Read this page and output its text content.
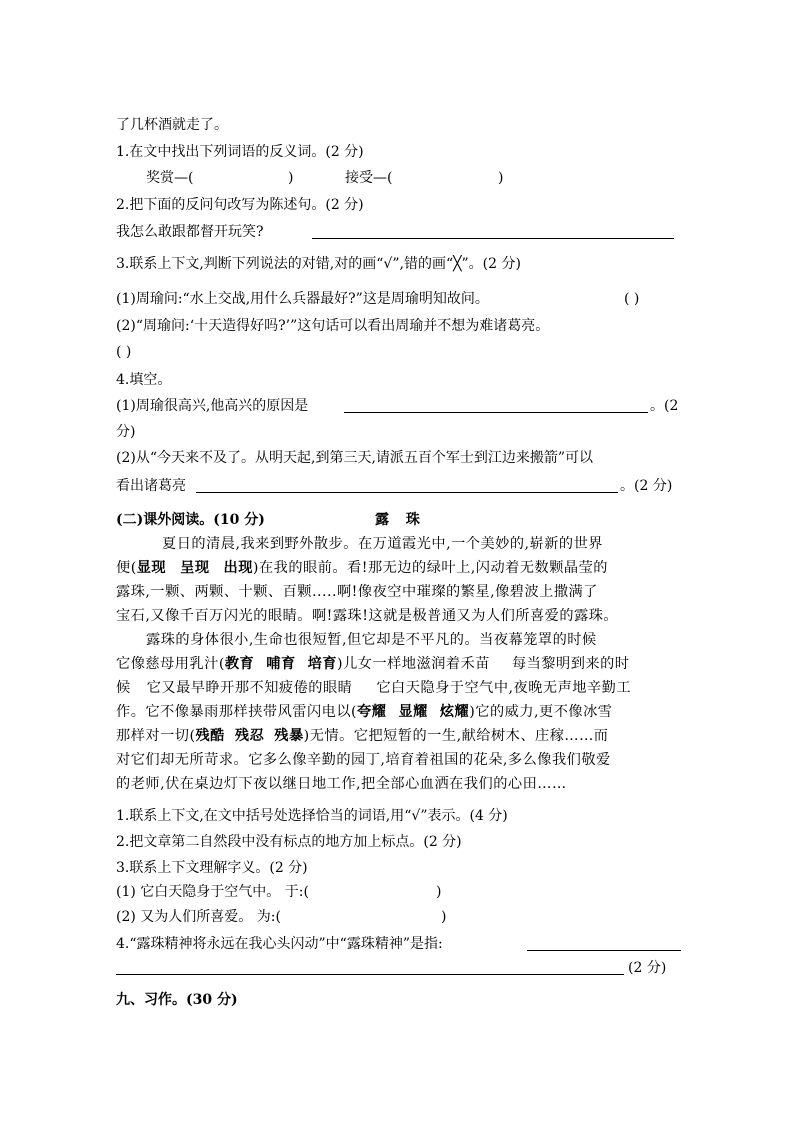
了几杯酒就走了。
1.在文中找出下列词语的反义词。(2 分)
奖赏—(	)	接受—(	)
2.把下面的反问句改写为陈述句。(2 分)
我怎么敢跟都督开玩笑?
3.联系上下文,判断下列说法的对错,对的画“√”,错的画“╳”。(2 分)
(1)周瑜问:“水上交战,用什么兵器最好?”这是周瑜明知故问。	( )
(2)“周瑜问:‘十天造得好吗?’”这句话可以看出周瑜并不想为难诸葛亮。
( )
4.填空。
(1)周瑜很高兴,他高兴的原因是	。(2
分)
(2)从“今天来不及了。从明天起,到第三天,请派五百个军士到江边来搬箭”可以
看出诸葛亮	。(2 分)
(二)课外阅读。(10 分)	露 珠
夏日的清晨,我来到野外散步。在万道霞光中,一个美妙的,崭新的世界
便(显现 呈现 出现)在我的眼前。看!那无边的绿叶上,闪动着无数颗晶莹的
露珠,一颗、两颗、十颗、百颗.....啊!像夜空中璀璨的繁星,像碧波上撒满了
宝石,又像千百万闪光的眼睛。啊!露珠!这就是极普通又为人们所喜爱的露珠。
露珠的身体很小,生命也很短暂,但它却是不平凡的。当夜幕笼罩的时候
它像慈母用乳汁(教育 哺育 培育)儿女一样地滋润着禾苗 每当黎明到来的时
候 它又最早睁开那不知疲倦的眼睛 它白天隐身于空气中,夜晚无声地辛勤工
作。它不像暴雨那样挟带风雷闪电以(夸耀 显耀 炫耀)它的威力,更不像冰雪
那样对一切(残酷 残忍 残暴)无情。它把短暂的一生,献给树木、庄稼……而
对它们却无所苛求。它多么像辛勤的园丁,培育着祖国的花朵,多么像我们敬爱
的老师,伏在桌边灯下夜以继日地工作,把全部心血洒在我们的心田……
1.联系上下文,在文中括号处选择恰当的词语,用“√”表示。(4 分)
2.把文章第二自然段中没有标点的地方加上标点。(2 分)
3.联系上下文理解字义。(2 分)
(1) 它白天隐身于空气中。 于:(	)
(2) 又为人们所喜爱。 为:(	)
4.“露珠精神将永远在我心头闪动”中“露珠精神”是指:
(2 分)
九、习作。(30 分)
